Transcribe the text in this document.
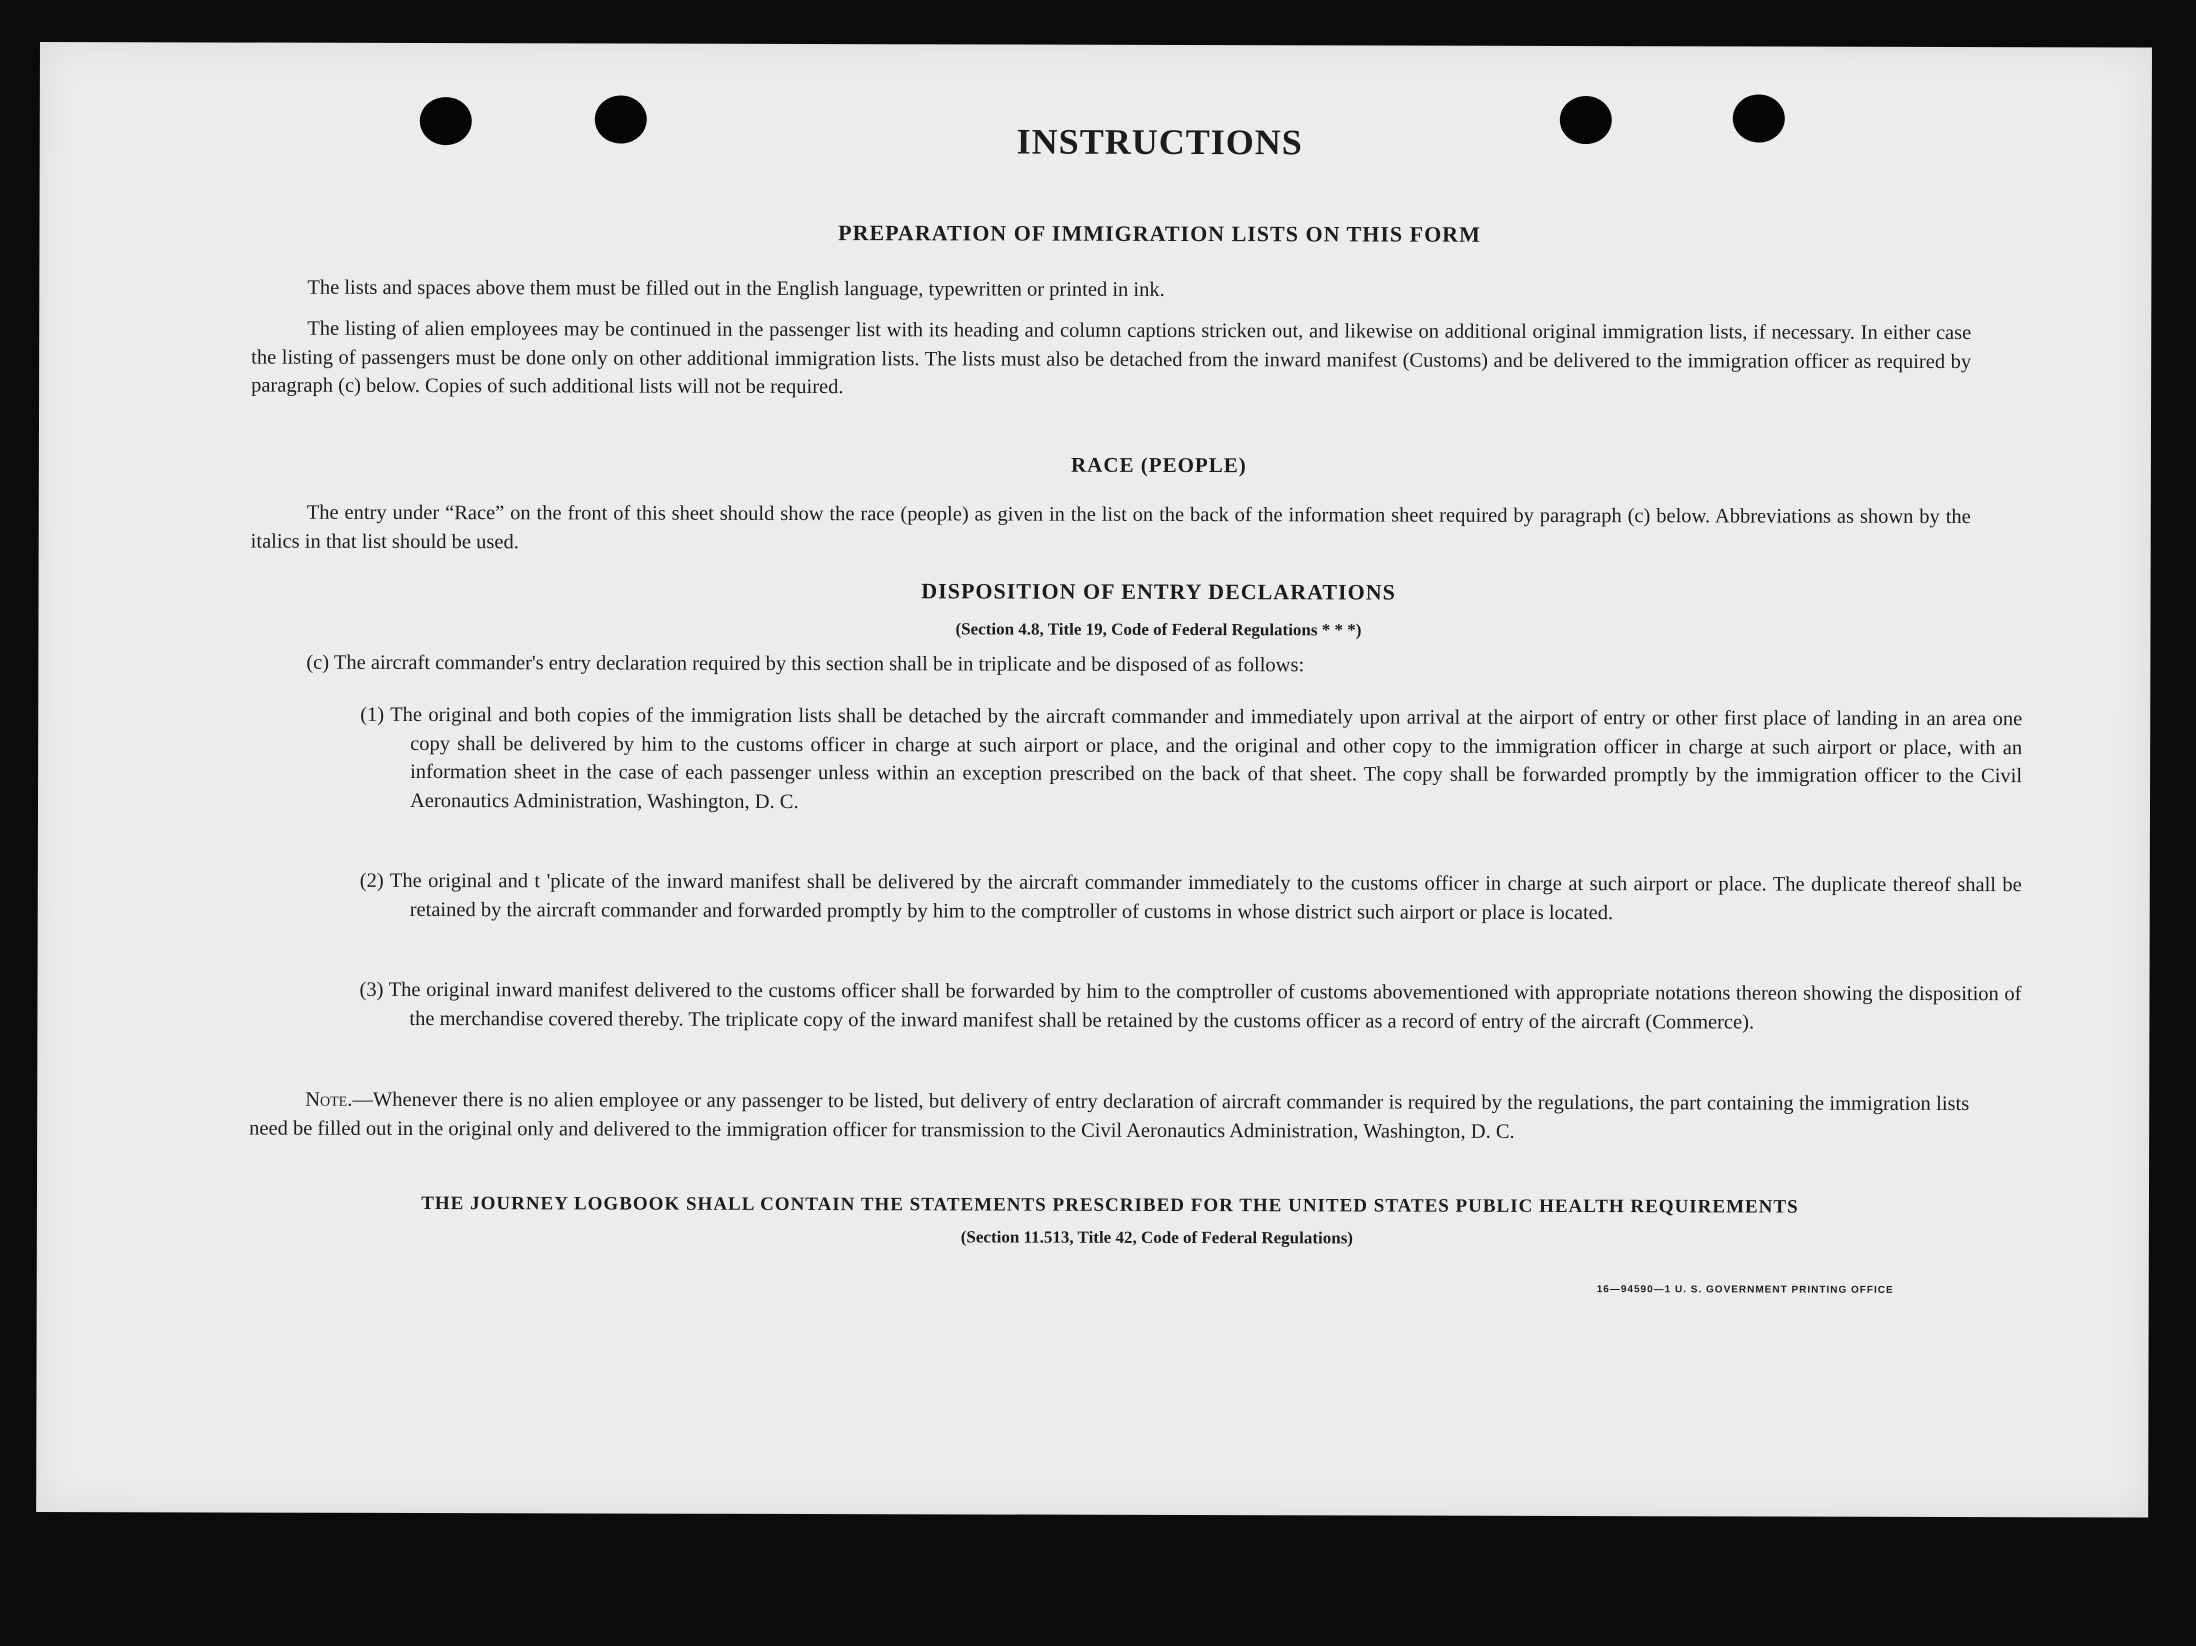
INSTRUCTIONS
PREPARATION OF IMMIGRATION LISTS ON THIS FORM
The lists and spaces above them must be filled out in the English language, typewritten or printed in ink.
The listing of alien employees may be continued in the passenger list with its heading and column captions stricken out, and likewise on additional original immigration lists, if necessary. In either case the listing of passengers must be done only on other additional immigration lists. The lists must also be detached from the inward manifest (Customs) and be delivered to the immigration officer as required by paragraph (c) below. Copies of such additional lists will not be required.
RACE (PEOPLE)
The entry under “Race” on the front of this sheet should show the race (people) as given in the list on the back of the information sheet required by paragraph (c) below. Abbreviations as shown by the italics in that list should be used.
DISPOSITION OF ENTRY DECLARATIONS
(Section 4.8, Title 19, Code of Federal Regulations * * *)
(c) The aircraft commander's entry declaration required by this section shall be in triplicate and be disposed of as follows:
(1) The original and both copies of the immigration lists shall be detached by the aircraft commander and immediately upon arrival at the airport of entry or other first place of landing in an area one copy shall be delivered by him to the customs officer in charge at such airport or place, and the original and other copy to the immigration officer in charge at such airport or place, with an information sheet in the case of each passenger unless within an exception prescribed on the back of that sheet. The copy shall be forwarded promptly by the immigration officer to the Civil Aeronautics Administration, Washington, D. C.
(2) The original and t 'plicate of the inward manifest shall be delivered by the aircraft commander immediately to the customs officer in charge at such airport or place. The duplicate thereof shall be retained by the aircraft commander and forwarded promptly by him to the comptroller of customs in whose district such airport or place is located.
(3) The original inward manifest delivered to the customs officer shall be forwarded by him to the comptroller of customs abovementioned with appropriate notations thereon showing the disposition of the merchandise covered thereby. The triplicate copy of the inward manifest shall be retained by the customs officer as a record of entry of the aircraft (Commerce).
Note.—Whenever there is no alien employee or any passenger to be listed, but delivery of entry declaration of aircraft commander is required by the regulations, the part containing the immigration lists need be filled out in the original only and delivered to the immigration officer for transmission to the Civil Aeronautics Administration, Washington, D. C.
THE JOURNEY LOGBOOK SHALL CONTAIN THE STATEMENTS PRESCRIBED FOR THE UNITED STATES PUBLIC HEALTH REQUIREMENTS
(Section 11.513, Title 42, Code of Federal Regulations)
16—94590—1 U. S. GOVERNMENT PRINTING OFFICE
